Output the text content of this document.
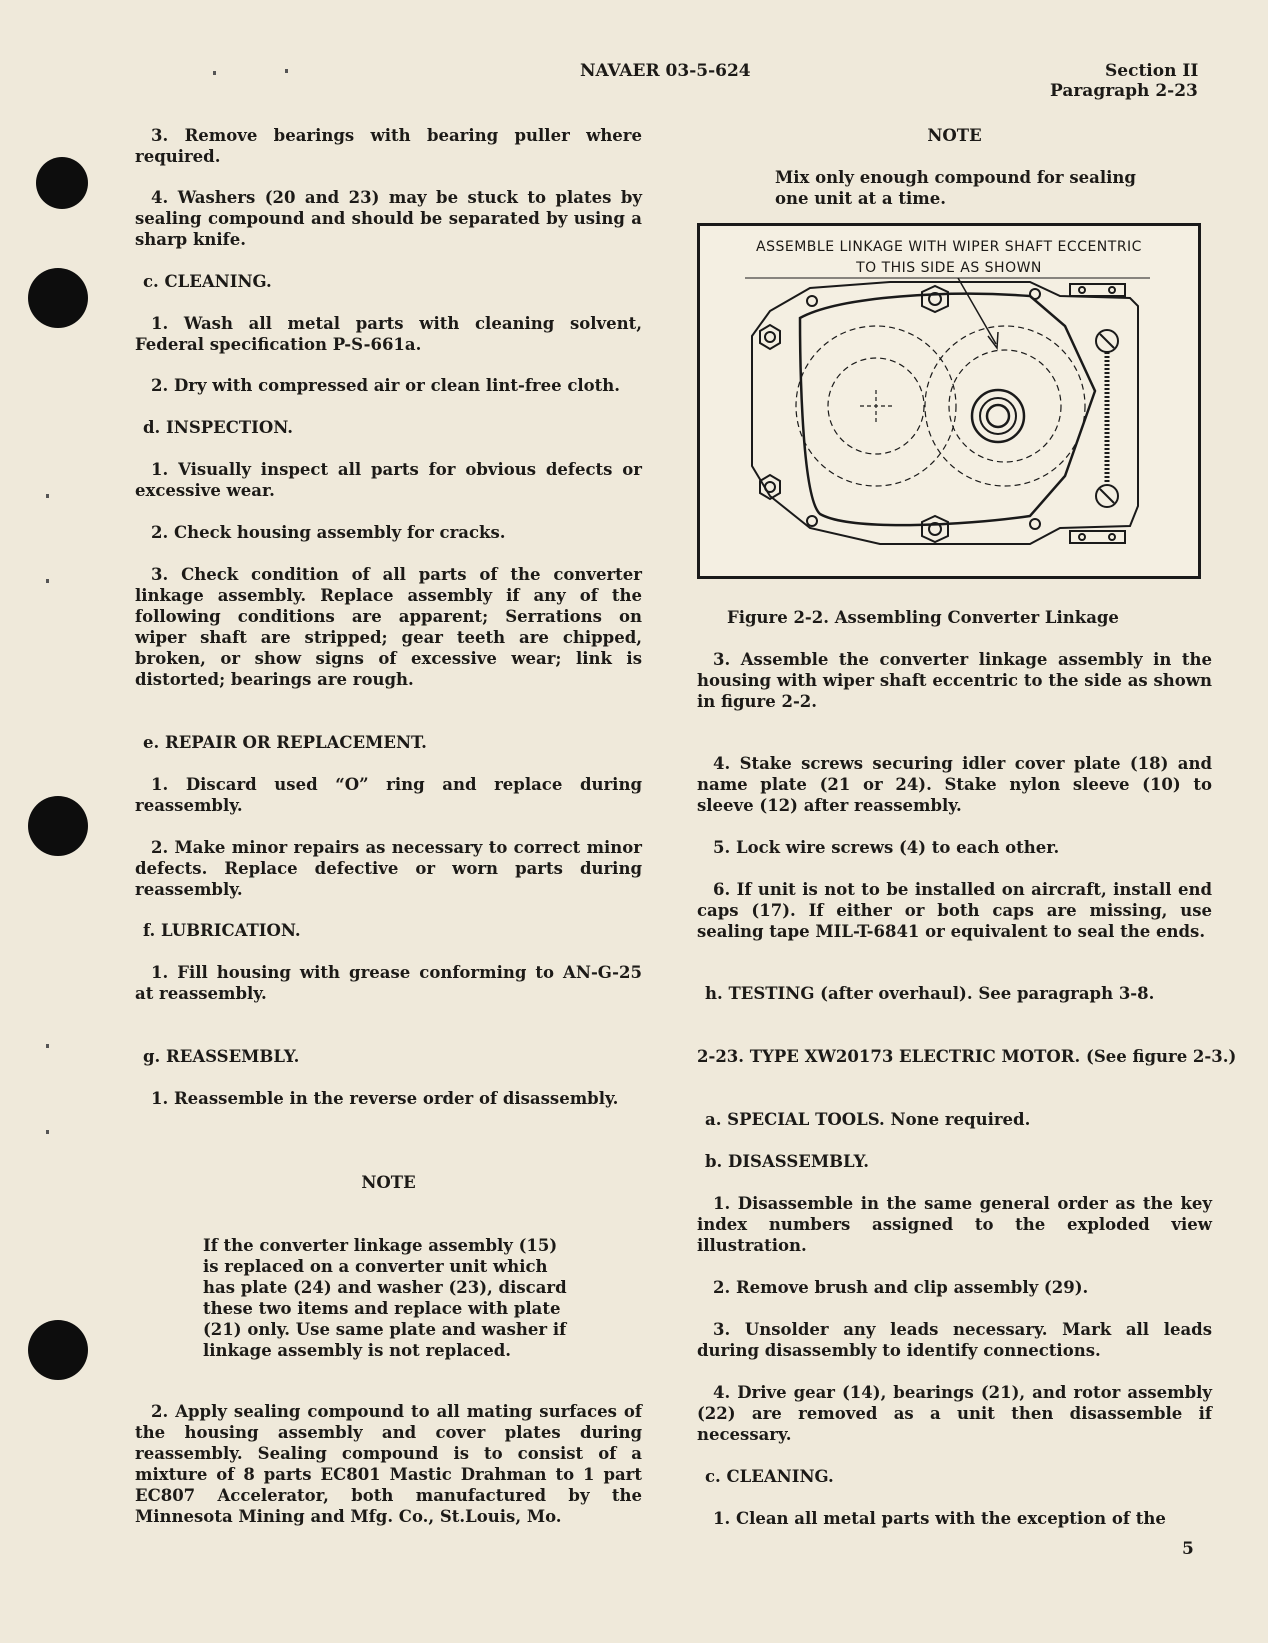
NAVAER 03-5-624	Section II
Paragraph 2-23

3. Remove bearings with bearing puller where required.

4. Washers (20 and 23) may be stuck to plates by sealing compound and should be separated by using a sharp knife.

c. CLEANING.

1. Wash all metal parts with cleaning solvent, Federal specification P-S-661a.

2. Dry with compressed air or clean lint-free cloth.

d. INSPECTION.

1. Visually inspect all parts for obvious defects or excessive wear.

2. Check housing assembly for cracks.

3. Check condition of all parts of the converter linkage assembly. Replace assembly if any of the following conditions are apparent; Serrations on wiper shaft are stripped; gear teeth are chipped, broken, or show signs of excessive wear; link is distorted; bearings are rough.

e. REPAIR OR REPLACEMENT.

1. Discard used “O” ring and replace during reassembly.

2. Make minor repairs as necessary to correct minor defects. Replace defective or worn parts during reassembly.

f. LUBRICATION.

1. Fill housing with grease conforming to AN-G-25 at reassembly.

g. REASSEMBLY.

1. Reassemble in the reverse order of disassembly.

NOTE

If the converter linkage assembly (15) is replaced on a converter unit which has plate (24) and washer (23), discard these two items and replace with plate (21) only. Use same plate and washer if linkage assembly is not replaced.

2. Apply sealing compound to all mating surfaces of the housing assembly and cover plates during reassembly. Sealing compound is to consist of a mixture of 8 parts EC801 Mastic Drahman to 1 part EC807 Accelerator, both manufactured by the Minnesota Mining and Mfg. Co., St.Louis, Mo.

NOTE

Mix only enough compound for sealing one unit at a time.

Figure 2-2. Assembling Converter Linkage

3. Assemble the converter linkage assembly in the housing with wiper shaft eccentric to the side as shown in figure 2-2.

4. Stake screws securing idler cover plate (18) and name plate (21 or 24). Stake nylon sleeve (10) to sleeve (12) after reassembly.

5. Lock wire screws (4) to each other.

6. If unit is not to be installed on aircraft, install end caps (17). If either or both caps are missing, use sealing tape MIL-T-6841 or equivalent to seal the ends.

h. TESTING (after overhaul). See paragraph 3-8.

2-23. TYPE XW20173 ELECTRIC MOTOR. (See figure 2-3.)

a. SPECIAL TOOLS. None required.

b. DISASSEMBLY.

1. Disassemble in the same general order as the key index numbers assigned to the exploded view illustration.

2. Remove brush and clip assembly (29).

3. Unsolder any leads necessary. Mark all leads during disassembly to identify connections.

4. Drive gear (14), bearings (21), and rotor assembly (22) are removed as a unit then disassemble if necessary.

c. CLEANING.

1. Clean all metal parts with the exception of the

ASSEMBLE LINKAGE WITH WIPER SHAFT ECCENTRIC
TO THIS SIDE AS SHOWN
5
